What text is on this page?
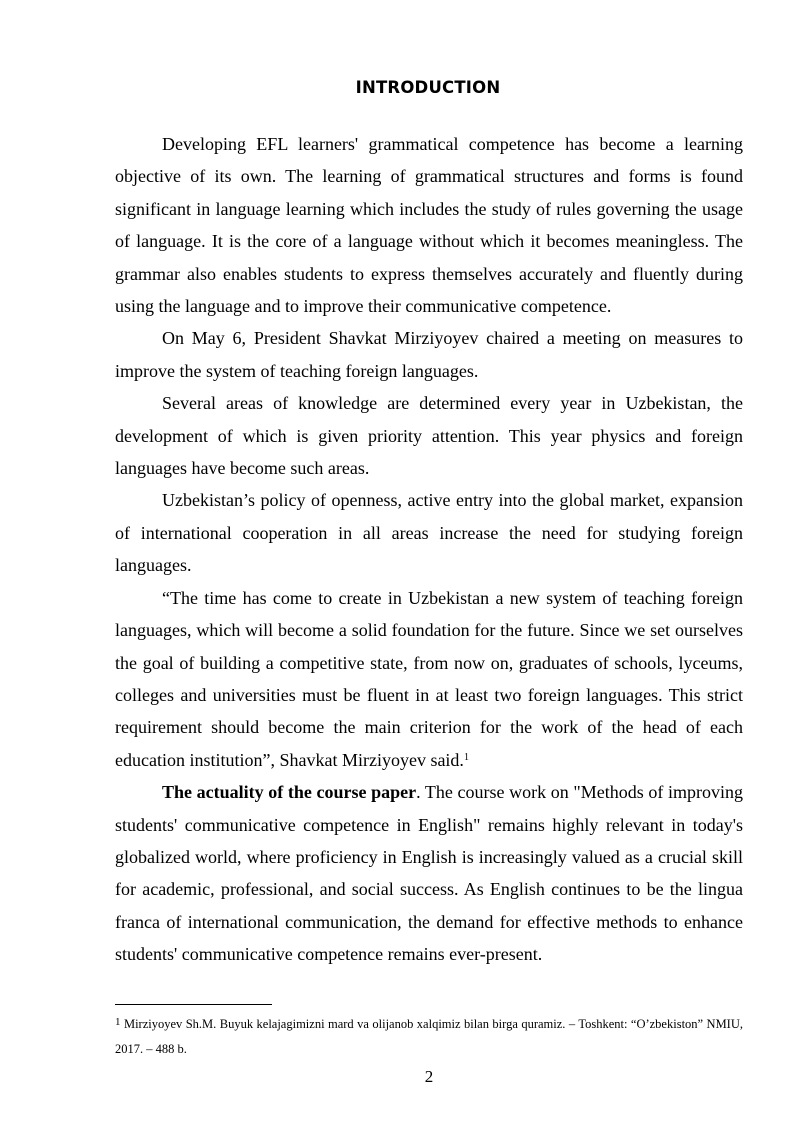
INTRODUCTION

Developing EFL learners' grammatical competence has become a learning objective of its own. The learning of grammatical structures and forms is found significant in language learning which includes the study of rules governing the usage of language. It is the core of a language without which it becomes meaningless. The grammar also enables students to express themselves accurately and fluently during using the language and to improve their communicative competence.

On May 6, President Shavkat Mirziyoyev chaired a meeting on measures to improve the system of teaching foreign languages.

Several areas of knowledge are determined every year in Uzbekistan, the development of which is given priority attention. This year physics and foreign languages have become such areas.

Uzbekistan’s policy of openness, active entry into the global market, expansion of international cooperation in all areas increase the need for studying foreign languages.

“The time has come to create in Uzbekistan a new system of teaching foreign languages, which will become a solid foundation for the future. Since we set ourselves the goal of building a competitive state, from now on, graduates of schools, lyceums, colleges and universities must be fluent in at least two foreign languages. This strict requirement should become the main criterion for the work of the head of each education institution”, Shavkat Mirziyoyev said.$^1$

The actuality of the course paper. The course work on "Methods of improving students' communicative competence in English" remains highly relevant in today's globalized world, where proficiency in English is increasingly valued as a crucial skill for academic, professional, and social success. As English continues to be the lingua franca of international communication, the demand for effective methods to enhance students' communicative competence remains ever-present.

$^1$ Mirziyoyev Sh.M. Buyuk kelajagimizni mard va olijanob xalqimiz bilan birga quramiz. – Toshkent: “O’zbekiston” NMIU, 2017. – 488 b.
2
